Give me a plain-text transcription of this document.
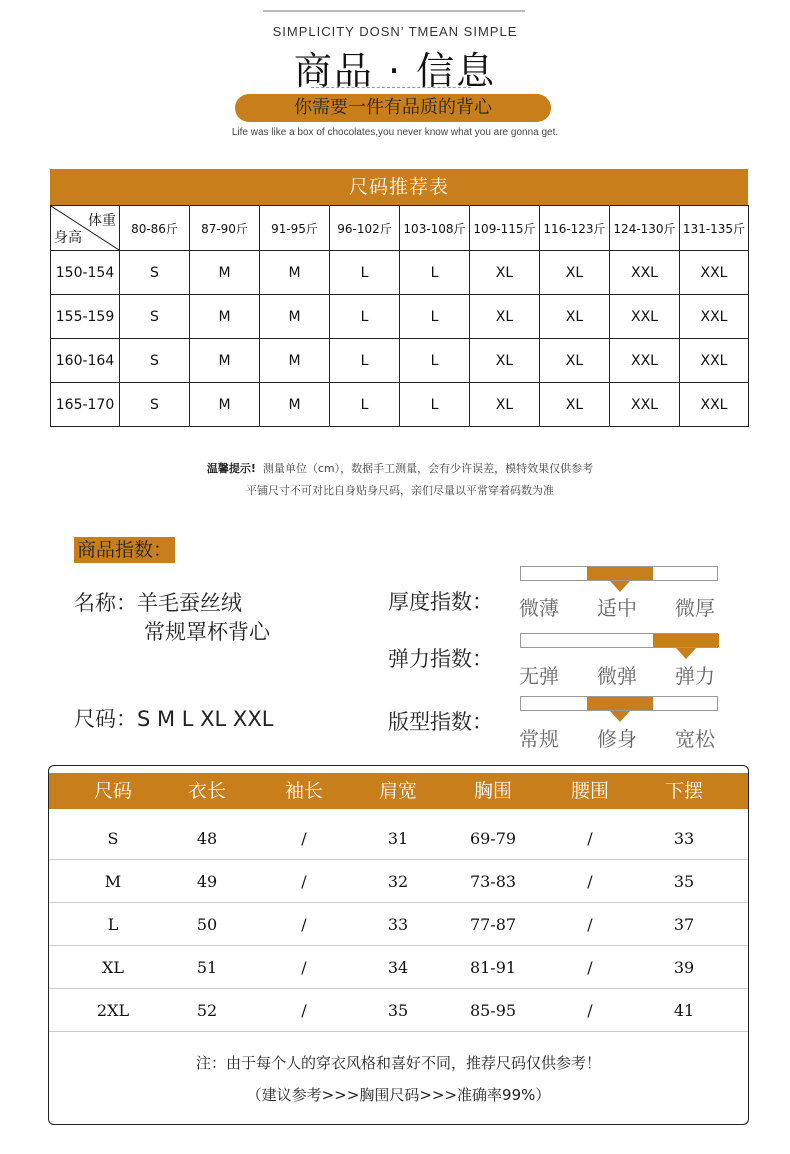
SIMPLICITY DOSN’ TMEAN SIMPLE
商品 · 信息
你需要一件有品质的背心
Life was like a box of chocolates,you never know what you are gonna get.
尺码推荐表
体重
身高	80-86斤	87-90斤	91-95斤	96-102斤	103-108斤	109-115斤	116-123斤	124-130斤	131-135斤
150-154	S	M	M	L	L	XL	XL	XXL	XXL
155-159	S	M	M	L	L	XL	XL	XXL	XXL
160-164	S	M	M	L	L	XL	XL	XXL	XXL
165-170	S	M	M	L	L	XL	XL	XXL	XXL
温馨提示! 测量单位（cm），数据手工测量，会有少许误差，模特效果仅供参考
平铺尺寸不可对比自身贴身尺码，亲们尽量以平常穿着码数为准
商品指数：
名称：羊毛蚕丝绒
常规罩杯背心
尺码：S M L XL XXL
厚度指数：
弹力指数：
版型指数：
微薄 适中 微厚
无弹 微弹 弹力
常规 修身 宽松
尺码	衣长	袖长	肩宽	胸围	腰围	下摆
注：由于每个人的穿衣风格和喜好不同，推荐尺码仅供参考！
（建议参考>>>胸围尺码>>>准确率99%）
S	48	/	31	69-79	/	33
M	49	/	32	73-83	/	35
L	50	/	33	77-87	/	37
XL	51	/	34	81-91	/	39
2XL	52	/	35	85-95	/	41
